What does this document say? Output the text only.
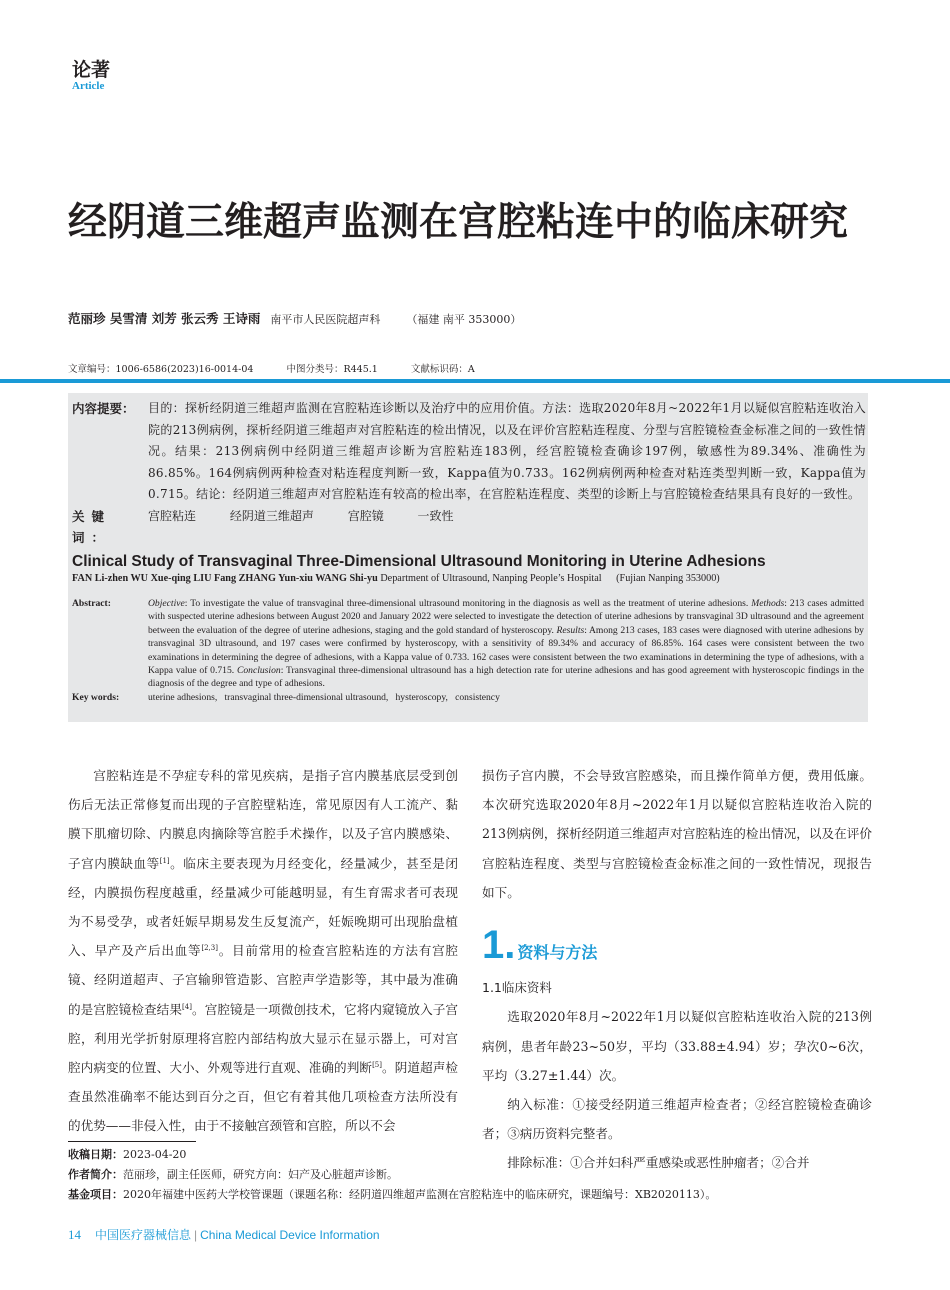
论著
Article
经阴道三维超声监测在宫腔粘连中的临床研究
范丽珍 吴雪清 刘芳 张云秀 王诗雨 南平市人民医院超声科 （福建 南平 353000）
文章编号：1006-6586(2023)16-0014-04	中图分类号：R445.1	文献标识码：A
内容提要：	目的：探析经阴道三维超声监测在宫腔粘连诊断以及治疗中的应用价值。方法：选取2020年8月~2022年1月以疑似宫腔粘连收治入院的213例病例，探析经阴道三维超声对宫腔粘连的检出情况，以及在评价宫腔粘连程度、分型与宫腔镜检查金标准之间的一致性情况。结果：213例病例中经阴道三维超声诊断为宫腔粘连183例，经宫腔镜检查确诊197例，敏感性为89.34%、准确性为86.85%。164例病例两种检查对粘连程度判断一致，Kappa值为0.733。162例病例两种检查对粘连类型判断一致，Kappa值为0.715。结论：经阴道三维超声对宫腔粘连有较高的检出率，在宫腔粘连程度、类型的诊断上与宫腔镜检查结果具有良好的一致性。
关键词：
宫腔粘连	经阴道三维超声	宫腔镜	一致性
Clinical Study of Transvaginal Three-Dimensional Ultrasound Monitoring in Uterine Adhesions
FAN Li-zhen WU Xue-qing LIU Fang ZHANG Yun-xiu WANG Shi-yu Department of Ultrasound, Nanping People’s Hospital (Fujian Nanping 353000)
Abstract:	Objective: To investigate the value of transvaginal three-dimensional ultrasound monitoring in the diagnosis as well as the treatment of uterine adhesions. Methods: 213 cases admitted with suspected uterine adhesions between August 2020 and January 2022 were selected to investigate the detection of uterine adhesions by transvaginal 3D ultrasound and the agreement between the evaluation of the degree of uterine adhesions, staging and the gold standard of hysteroscopy. Results: Among 213 cases, 183 cases were diagnosed with uterine adhesions by transvaginal 3D ultrasound, and 197 cases were confirmed by hysteroscopy, with a sensitivity of 89.34% and accuracy of 86.85%. 164 cases were consistent between the two examinations in determining the degree of adhesions, with a Kappa value of 0.733. 162 cases were consistent between the two examinations in determining the type of adhesions, with a Kappa value of 0.715. Conclusion: Transvaginal three-dimensional ultrasound has a high detection rate for uterine adhesions and has good agreement with hysteroscopic findings in the diagnosis of the degree and type of adhesions.
Key words:	uterine adhesions,   transvaginal three-dimensional ultrasound,   hysteroscopy,   consistency
宫腔粘连是不孕症专科的常见疾病，是指子宫内膜基底层受到创伤后无法正常修复而出现的子宫腔壁粘连，常见原因有人工流产、黏膜下肌瘤切除、内膜息肉摘除等宫腔手术操作，以及子宫内膜感染、子宫内膜缺血等[1]。临床主要表现为月经变化，经量减少，甚至是闭经，内膜损伤程度越重，经量减少可能越明显，有生育需求者可表现为不易受孕，或者妊娠早期易发生反复流产，妊娠晚期可出现胎盘植入、早产及产后出血等[2,3]。目前常用的检查宫腔粘连的方法有宫腔镜、经阴道超声、子宫输卵管造影、宫腔声学造影等，其中最为准确的是宫腔镜检查结果[4]。宫腔镜是一项微创技术，它将内窥镜放入子宫腔，利用光学折射原理将宫腔内部结构放大显示在显示器上，可对宫腔内病变的位置、大小、外观等进行直观、准确的判断[5]。阴道超声检查虽然准确率不能达到百分之百，但它有着其他几项检查方法所没有的优势——非侵入性，由于不接触宫颈管和宫腔，所以不会
损伤子宫内膜，不会导致宫腔感染，而且操作简单方便，费用低廉。本次研究选取2020年8月~2022年1月以疑似宫腔粘连收治入院的213例病例，探析经阴道三维超声对宫腔粘连的检出情况，以及在评价宫腔粘连程度、类型与宫腔镜检查金标准之间的一致性情况，现报告如下。
1 . 资料与方法
1.1临床资料
选取2020年8月~2022年1月以疑似宫腔粘连收治入院的213例病例，患者年龄23~50岁，平均（33.88±4.94）岁；孕次0~6次，平均（3.27±1.44）次。
纳入标准：①接受经阴道三维超声检查者；②经宫腔镜检查确诊者；③病历资料完整者。
排除标准：①合并妇科严重感染或恶性肿瘤者；②合并
收稿日期：2023-04-20
作者简介：范丽珍，副主任医师，研究方向：妇产及心脏超声诊断。
基金项目：2020年福建中医药大学校管课题（课题名称：经阴道四维超声监测在宫腔粘连中的临床研究，课题编号：XB2020113）。
14 中国医疗器械信息 | China Medical Device Information
